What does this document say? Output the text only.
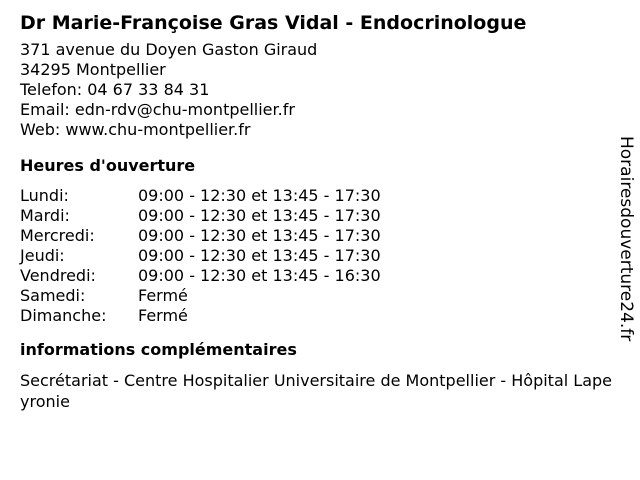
Dr Marie-Françoise Gras Vidal - Endocrinologue
371 avenue du Doyen Gaston Giraud
34295 Montpellier
Telefon: 04 67 33 84 31
Email: edn-rdv@chu-montpellier.fr
Web: www.chu-montpellier.fr
Heures d'ouverture
Lundi:	09:00 - 12:30 et 13:45 - 17:30
Mardi:	09:00 - 12:30 et 13:45 - 17:30
Mercredi:	09:00 - 12:30 et 13:45 - 17:30
Jeudi:	09:00 - 12:30 et 13:45 - 17:30
Vendredi:	09:00 - 12:30 et 13:45 - 16:30
Samedi:	Fermé
Dimanche:	Fermé
informations complémentaires
Secrétariat - Centre Hospitalier Universitaire de Montpellier - Hôpital Lapeyronie
Horairesdouverture24.fr
